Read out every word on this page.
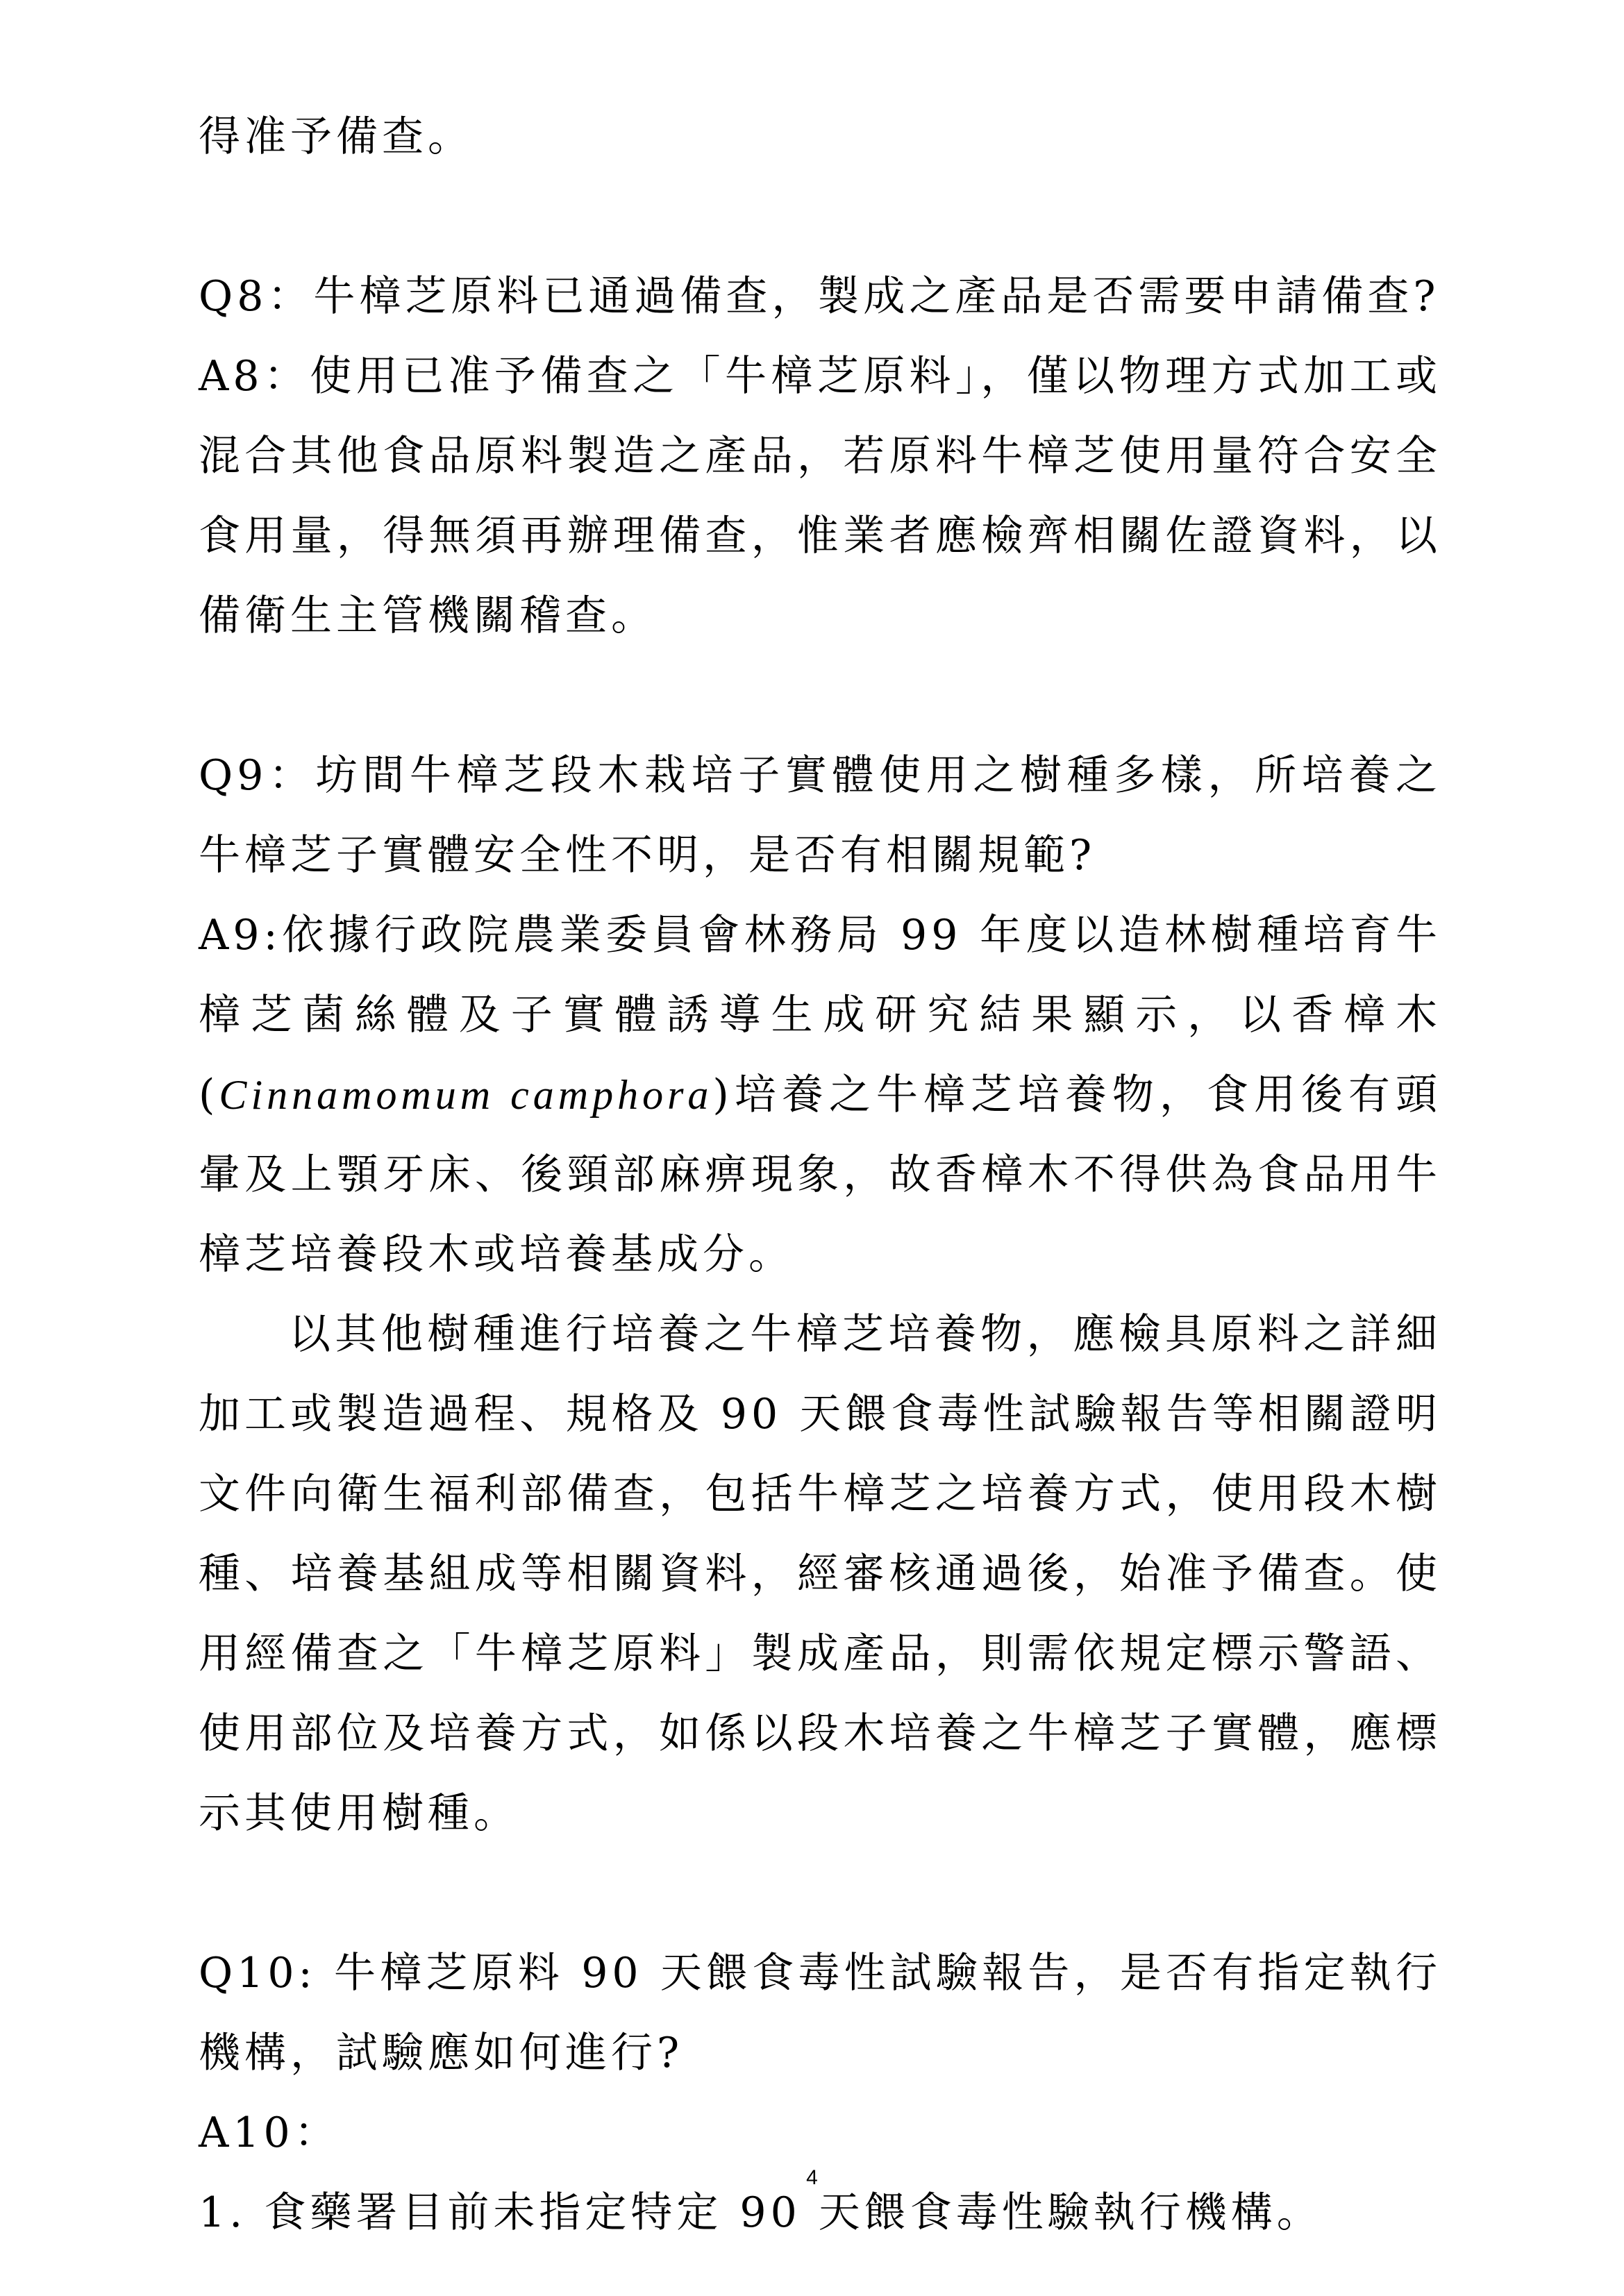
得准予備查。

Q8：牛樟芝原料已通過備查，製成之產品是否需要申請備查?

A8：使用已准予備查之「牛樟芝原料」，僅以物理方式加工或混合其他食品原料製造之產品，若原料牛樟芝使用量符合安全食用量，得無須再辦理備查，惟業者應檢齊相關佐證資料，以備衛生主管機關稽查。

Q9：坊間牛樟芝段木栽培子實體使用之樹種多樣，所培養之牛樟芝子實體安全性不明，是否有相關規範?

A9:依據行政院農業委員會林務局 99 年度以造林樹種培育牛樟芝菌絲體及子實體誘導生成研究結果顯示，以香樟木(Cinnamomum camphora)培養之牛樟芝培養物，食用後有頭暈及上顎牙床、後頸部麻痹現象，故香樟木不得供為食品用牛樟芝培養段木或培養基成分。

以其他樹種進行培養之牛樟芝培養物，應檢具原料之詳細加工或製造過程、規格及 90 天餵食毒性試驗報告等相關證明文件向衛生福利部備查，包括牛樟芝之培養方式，使用段木樹種、培養基組成等相關資料，經審核通過後，始准予備查。使用經備查之「牛樟芝原料」製成產品，則需依規定標示警語、使用部位及培養方式，如係以段木培養之牛樟芝子實體，應標示其使用樹種。

Q10: 牛樟芝原料 90 天餵食毒性試驗報告，是否有指定執行機構，試驗應如何進行?

A10：

1. 食藥署目前未指定特定 90 天餵食毒性驗執行機構。

4
